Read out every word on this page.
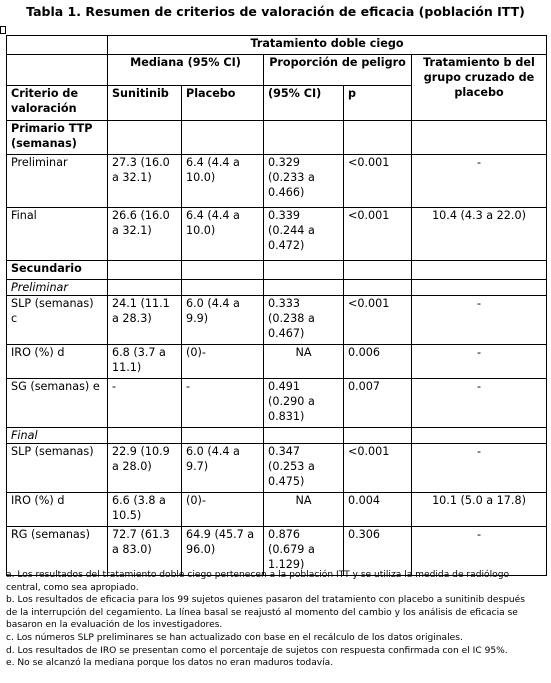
Tabla 1. Resumen de criterios de valoración de eficacia (población ITT)
	Tratamiento doble ciego				
	Mediana (95% CI)		Proporción de peligro		Tratamiento b del grupo cruzado de placebo
Criterio de valoración	Sunitinib	Placebo	(95% CI)	p	
Primario TTP (semanas)					
Preliminar	27.3 (16.0 a 32.1)	6.4 (4.4 a 10.0)	0.329 (0.233 a 0.466)	<0.001	-
Final	26.6 (16.0 a 32.1)	6.4 (4.4 a 10.0)	0.339 (0.244 a 0.472)	<0.001	10.4 (4.3 a 22.0)
Secundario					
Preliminar					
SLP (semanas) c	24.1 (11.1 a 28.3)	6.0 (4.4 a 9.9)	0.333 (0.238 a 0.467)	<0.001	-
IRO (%) d	6.8 (3.7 a 11.1)	(0)-	NA	0.006	-
SG (semanas) e	-	-	0.491 (0.290 a 0.831)	0.007	-
Final					
SLP (semanas)	22.9 (10.9 a 28.0)	6.0 (4.4 a 9.7)	0.347 (0.253 a 0.475)	<0.001	-
IRO (%) d	6.6 (3.8 a 10.5)	(0)-	NA	0.004	10.1 (5.0 a 17.8)
RG (semanas)	72.7 (61.3 a 83.0)	64.9 (45.7 a 96.0)	0.876 (0.679 a 1.129)	0.306	-
a. Los resultados del tratamiento doble ciego pertenecen a la población ITT y se utiliza la medida de radiólogo
central, como sea apropiado.
b. Los resultados de eficacia para los 99 sujetos quienes pasaron del tratamiento con placebo a sunitinib después
de la interrupción del cegamiento. La línea basal se reajustó al momento del cambio y los análisis de eficacia se
basaron en la evaluación de los investigadores.
c. Los números SLP preliminares se han actualizado con base en el recálculo de los datos originales.
d. Los resultados de IRO se presentan como el porcentaje de sujetos con respuesta confirmada con el IC 95%.
e. No se alcanzó la mediana porque los datos no eran maduros todavía.
